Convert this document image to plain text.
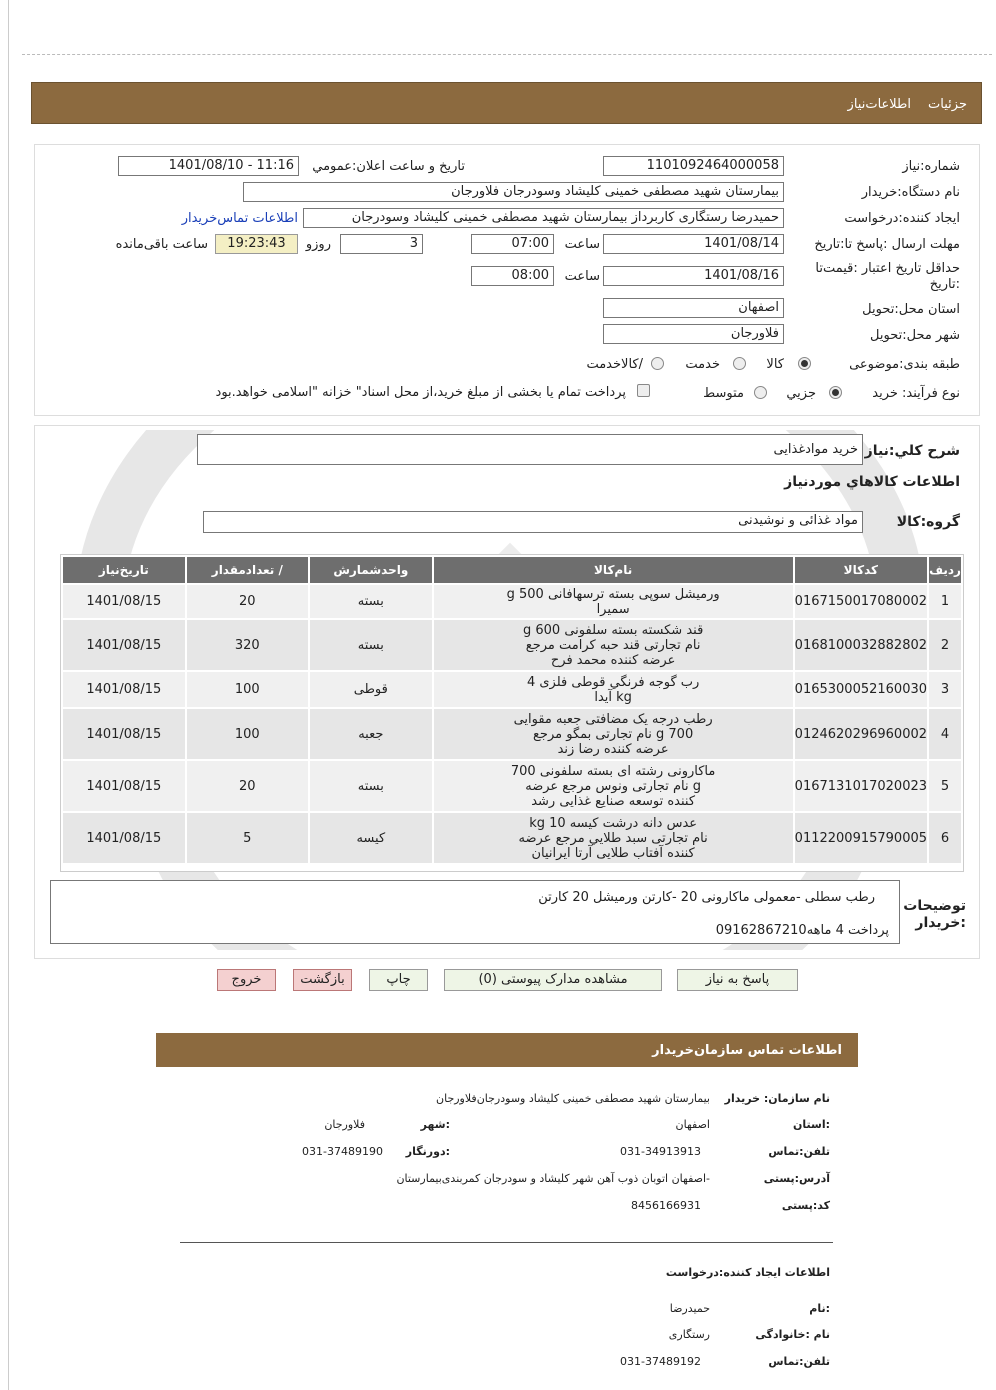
جزئیات
اطلاعات‌نیاز
شماره:نیاز
1101092464000058
تاریخ و ساعت اعلان:عمومي
1401/08/10 - 11:16
نام دستگاه:خریدار
بیمارستان شهید مصطفی خمینی کلیشاد وسودرجان فلاورجان
ایجاد کننده:درخواست
حمیدرضا رستگاری کاربرداز بیمارستان شهید مصطفی خمینی کلیشاد وسودرجان
اطلاعات تماس‌خریدار
مهلت ارسال :پاسخ تا:تاریخ
1401/08/14
ساعت
07:00
3
روزو
19:23:43
ساعت باقی‌مانده
حداقل تاریخ اعتبار :قیمت‌تا
:تاریخ
1401/08/16
ساعت
08:00
استان محل:تحویل
اصفهان
شهر محل:تحویل
فلاورجان
طبقه بندی:موضوعی
کالا
خدمت
/کالاخدمت
نوع فرآیند: خرید
جزیي
متوسط
پرداخت تمام یا بخشی از مبلغ خرید،از محل اسناد" خزانه "اسلامی خواهد.بود
شرح کلي:نیاز
خرید موادغذایی
اطلاعات کالاهاي موردنیاز
گروه:کالا
مواد غذائی و نوشیدنی
ردیف	کدکالا	نام‌کالا	واحدشمارش	/ تعدادمقدار	تاریخ‌نیاز
1	0167150017080002	ورمیشل سوپی بسته ترسهافانی 500 g
سمیرا	بسته	20	1401/08/15
2	0168100032882802	قند شکسته بسته سلفونی 600 g
نام تجارتی قند حبه کرامت مرجع
عرضه کننده محمد فرح	بسته	320	1401/08/15
3	0165300052160030	رب گوجه فرنگي قوطی فلزی 4
kg آیدا	قوطی	100	1401/08/15
4	0124620296960002	رطب درجه یک مضافتی جعبه مقوایی
700 g نام تجارتی بمگو مرجع
عرضه کننده رضا زند	جعبه	100	1401/08/15
5	0167131017020023	ماکارونی رشته ای بسته سلفونی 700
g نام تجارتی ونوس مرجع عرضه
کننده توسعه صنایع غذایی رشد	بسته	20	1401/08/15
6	0112200915790005	عدس دانه درشت کیسه 10 kg
نام تجارتی سبد طلایي مرجع عرضه
کننده آفتاب طلایی آرتا ایرانیان	کیسه	5	1401/08/15
توضیحات
:خریدار
رطب سطلی -معمولی ماکارونی 20 -کارتن ورمیشل 20 کارتن
پرداخت 4 ماهه09162867210
پاسخ به نیاز
مشاهده مدارک پیوستی (0)
چاپ
بازگشت
خروج
اطلاعات تماس سازمان‌خریدار
نام سازمان: خریدار
بیمارستان شهید مصطفی خمینی کلیشاد وسودرجان‌فلاورجان
:استان
اصفهان
:شهر
فلاورجان
تلفن:تماس
031-34913913
:دورنگار
031-37489190
آدرس:پستی
-اصفهان اتوبان ذوب آهن شهر کلیشاد و سودرجان کمربندی‌بیمارستان
کد:پستی
8456166931
اطلاعات ایجاد کننده:درخواست
:نام
حمیدرضا
نام :خانوادگی
رستگاری
تلفن:تماس
031-37489192
